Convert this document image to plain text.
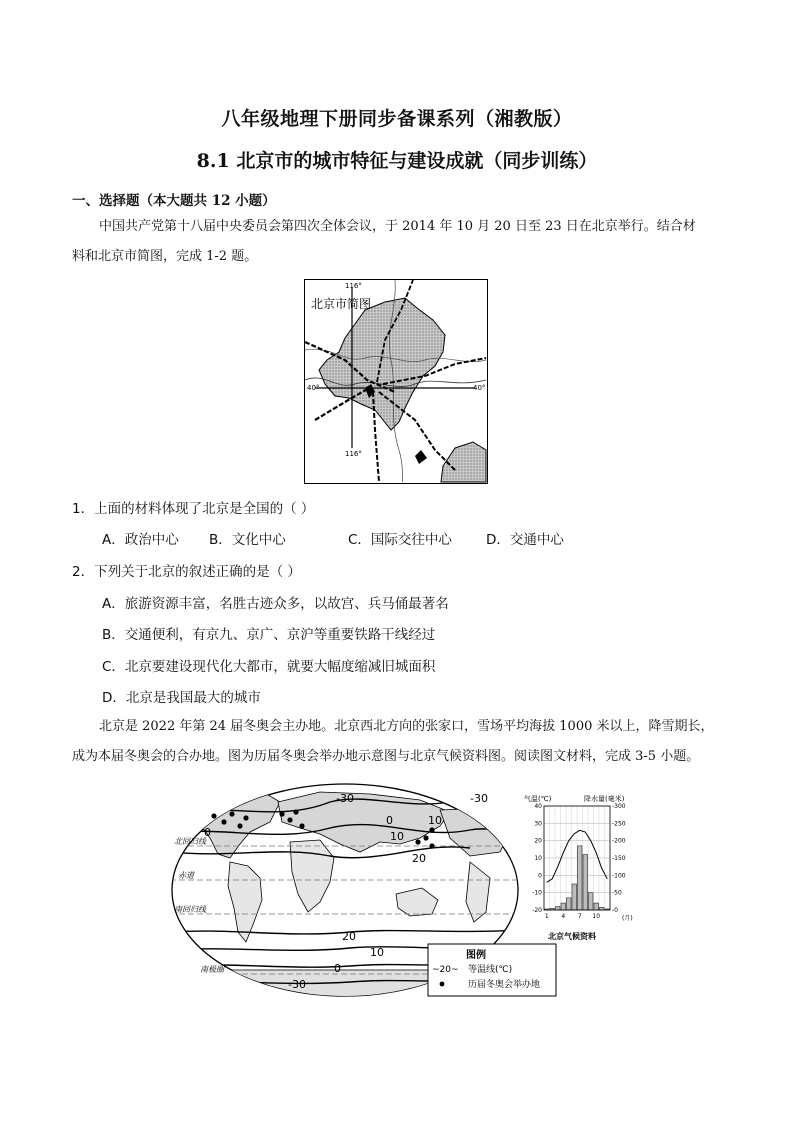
八年级地理下册同步备课系列（湘教版）
8.1 北京市的城市特征与建设成就（同步训练）
一、选择题（本大题共 12 小题）
中国共产党第十八届中央委员会第四次全体会议，于 2014 年 10 月 20 日至 23 日在北京举行。结合材
料和北京市简图，完成 1-2 题。
北京市简图
116°
116°
40°	40°
1．上面的材料体现了北京是全国的（ ）
A．政治中心 B．文化中心	C．国际交往中心	D．交通中心
2．下列关于北京的叙述正确的是（ ）
A．旅游资源丰富，名胜古迹众多，以故宫、兵马俑最著名
B．交通便利，有京九、京广、京沪等重要铁路干线经过
C．北京要建设现代化大都市，就要大幅度缩减旧城面积
D．北京是我国最大的城市
北京是 2022 年第 24 届冬奥会主办地。北京西北方向的张家口，雪场平均海拔 1000 米以上，降雪期长，
成为本届冬奥会的合办地。图为历届冬奥会举办地示意图与北京气候资料图。阅读图文材料，完成 3-5 小题。
-30
0
10
10
20
0
-30
20
10
0
-30
北回归线
赤道
南回归线
南极圈
图例
~20~ 等温线(℃)
历届冬奥会举办地
气温(℃)	降水量(毫米)
(月)
北京气候资料
-20
-10
0
10
20
30
40
-0
-50
-100
-150
-200
-250
-300
1 4 7 10
